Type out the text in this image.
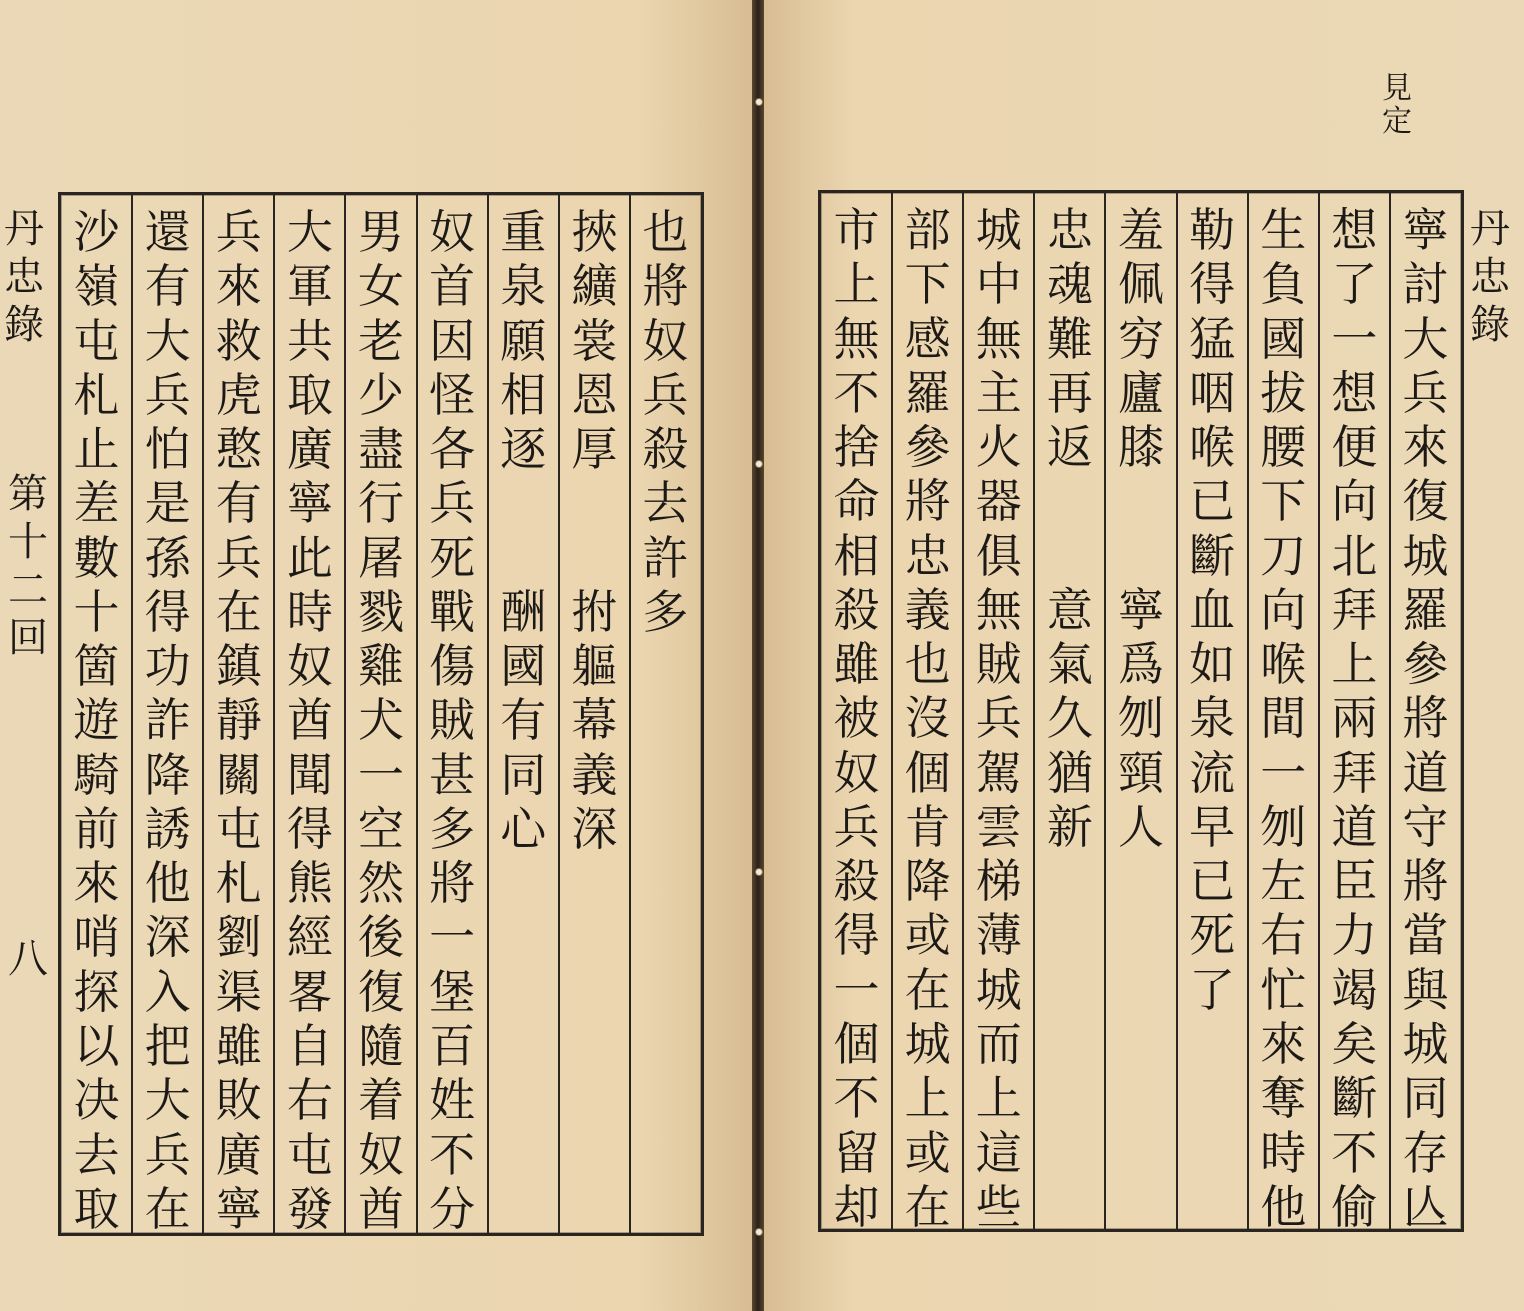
丹
忠
錄
第
十
二
回
八
也
將
奴
兵
殺
去
許
多
挾
纊
裳
恩
厚

拊
軀
幕
義
深
重
泉
願
相
逐

酬
國
有
同
心
奴
首
因
怪
各
兵
死
戰
傷
賊
甚
多
將
一
堡
百
姓
不
分
男
女
老
少
盡
行
屠
戮
雞
犬
一
空
然
後
復
隨
着
奴
酋
大
軍
共
取
廣
寧
此
時
奴
酋
聞
得
熊
經
畧
自
右
屯
發
兵
來
救
虎
憨
有
兵
在
鎮
靜
關
屯
札
劉
渠
雖
敗
廣
寧
還
有
大
兵
怕
是
孫
得
功
詐
降
誘
他
深
入
把
大
兵
在
沙
嶺
屯
札
止
差
數
十
箇
遊
騎
前
來
哨
探
以
决
去
取
見
定
丹
忠
錄
寧
討
大
兵
來
復
城
羅
參
將
道
守
將
當
與
城
同
存
亾
想
了
一
想
便
向
北
拜
上
兩
拜
道
臣
力
竭
矣
斷
不
偷
生
負
國
拔
腰
下
刀
向
喉
間
一
刎
左
右
忙
來
奪
時
他
勒
得
猛
咽
喉
已
斷
血
如
泉
流
早
已
死
了
羞
佩
穷
廬
膝

寧
爲
刎
頸
人
忠
魂
難
再
返

意
氣
久
猶
新
城
中
無
主
火
器
俱
無
賊
兵
駕
雲
梯
薄
城
而
上
這
些
部
下
感
羅
參
將
忠
義
也
沒
個
肯
降
或
在
城
上
或
在
市
上
無
不
捨
命
相
殺
雖
被
奴
兵
殺
得
一
個
不
留
却
